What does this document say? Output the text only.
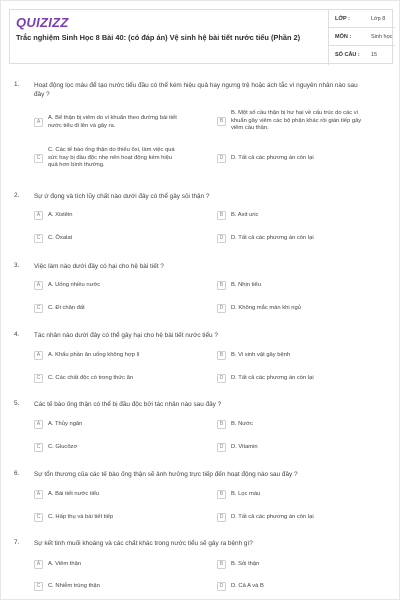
QUIZIZZ
Trắc nghiệm Sinh Học 8 Bài 40: (có đáp án) Vệ sinh hệ bài tiết nước tiểu (Phần 2)
LỚP :	Lớp 8
MÔN :	Sinh học
SỐ CÂU : 15
1. Hoạt động lọc máu để tạo nước tiểu đầu có thể kém hiệu quả hay ngưng trệ hoặc ách tắc vì nguyên nhân nào sau
đây ?
A
A. Bể thận bị viêm do vi khuẩn theo đường bài tiết
nước tiểu đi lên và gây ra.
B
B. Một số cầu thận bị hư hại về cấu trúc do các vi
khuẩn gây viêm các bộ phận khác rồi gián tiếp gây
viêm cầu thận.
C
C. Các tế bào ống thận do thiếu ôxi, làm việc quá
sức hay bị đầu độc nhẹ nên hoạt động kém hiệu
quả hơn bình thường.
D	D. Tất cả các phương án còn lại
2. Sự ứ đọng và tích lũy chất nào dưới đây có thể gây sỏi thận ?
A	A. Xistêin	B	B. Axit uric
C	C. Ôxalat	D	D. Tất cả các phương án còn lại
3. Việc làm nào dưới đây có hại cho hệ bài tiết ?
A	A. Uống nhiều nước	B	B. Nhịn tiểu
C	C. Đi chân đất	D	D. Không mắc màn khi ngủ
4. Tác nhân nào dưới đây có thể gây hại cho hệ bài tiết nước tiểu ?
A	A. Khẩu phần ăn uống không hợp lí	B	B. Vi sinh vật gây bệnh
C	C. Các chất độc có trong thức ăn	D	D. Tất cả các phương án còn lại
5. Các tế bào ống thận có thể bị đầu độc bởi tác nhân nào sau đây ?
A	A. Thủy ngân	B	B. Nước
C	C. Glucôzơ	D	D. Vitamin
6. Sự tổn thương của các tế bào ống thận sẽ ảnh hưởng trực tiếp đến hoạt động nào sau đây ?
A	A. Bài tiết nước tiểu	B	B. Lọc máu
C	C. Hấp thụ và bài tiết tiếp	D	D. Tất cả các phương án còn lại
7. Sự kết tinh muối khoáng và các chất khác trong nước tiểu sẽ gây ra bệnh gì?
A	A. Viêm thận	B	B. Sỏi thận
C	C. Nhiễm trùng thận	D	D. Cả A và B
